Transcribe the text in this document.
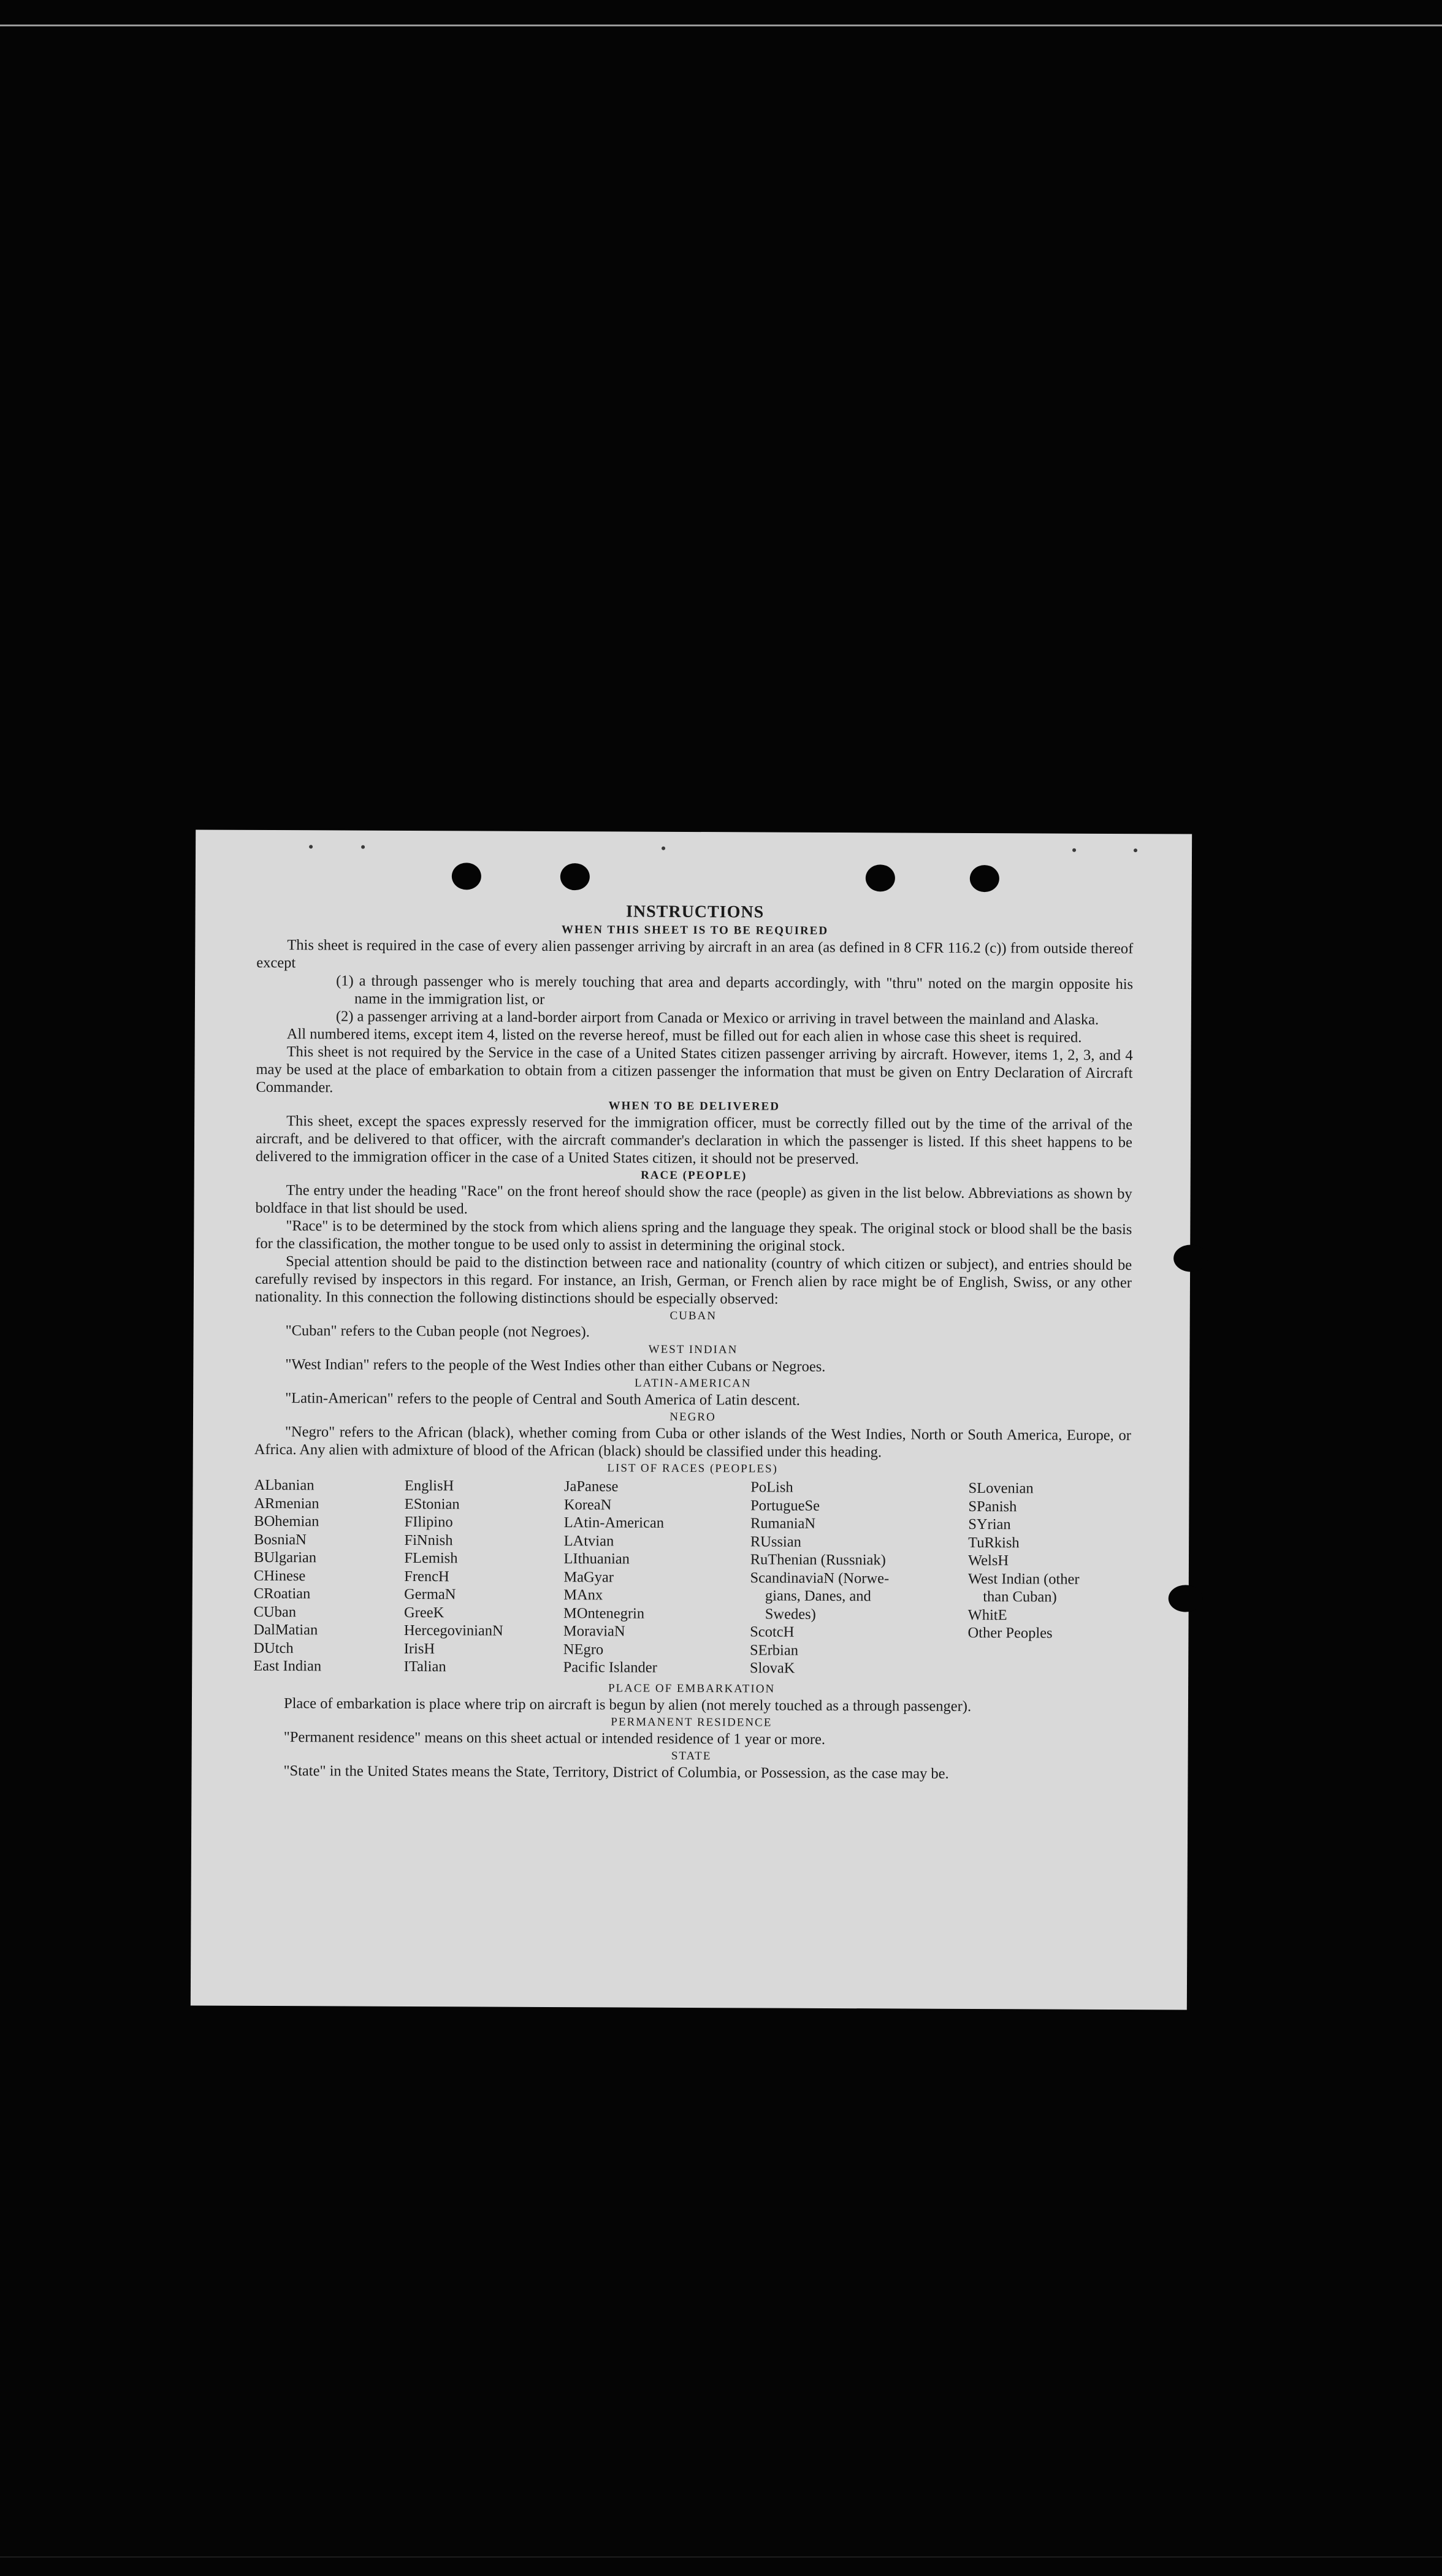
INSTRUCTIONS
WHEN THIS SHEET IS TO BE REQUIRED

This sheet is required in the case of every alien passenger arriving by aircraft in an area (as defined in 8 CFR 116.2 (c)) from outside thereof except

(1) a through passenger who is merely touching that area and departs accordingly, with "thru" noted on the margin opposite his name in the immigration list, or

(2) a passenger arriving at a land-border airport from Canada or Mexico or arriving in travel between the mainland and Alaska.

All numbered items, except item 4, listed on the reverse hereof, must be filled out for each alien in whose case this sheet is required.

This sheet is not required by the Service in the case of a United States citizen passenger arriving by aircraft. However, items 1, 2, 3, and 4 may be used at the place of embarkation to obtain from a citizen passenger the information that must be given on Entry Declaration of Aircraft Commander.

WHEN TO BE DELIVERED

This sheet, except the spaces expressly reserved for the immigration officer, must be correctly filled out by the time of the arrival of the aircraft, and be delivered to that officer, with the aircraft commander's declaration in which the passenger is listed. If this sheet happens to be delivered to the immigration officer in the case of a United States citizen, it should not be preserved.

RACE (PEOPLE)

The entry under the heading "Race" on the front hereof should show the race (people) as given in the list below. Abbreviations as shown by boldface in that list should be used.

"Race" is to be determined by the stock from which aliens spring and the language they speak. The original stock or blood shall be the basis for the classification, the mother tongue to be used only to assist in determining the original stock.

Special attention should be paid to the distinction between race and nationality (country of which citizen or subject), and entries should be carefully revised by inspectors in this regard. For instance, an Irish, German, or French alien by race might be of English, Swiss, or any other nationality. In this connection the following distinctions should be especially observed:

CUBAN

"Cuban" refers to the Cuban people (not Negroes).

WEST INDIAN

"West Indian" refers to the people of the West Indies other than either Cubans or Negroes.

LATIN-AMERICAN

"Latin-American" refers to the people of Central and South America of Latin descent.

NEGRO

"Negro" refers to the African (black), whether coming from Cuba or other islands of the West Indies, North or South America, Europe, or Africa. Any alien with admixture of blood of the African (black) should be classified under this heading.

LIST OF RACES (PEOPLES)
ALbanian
ARmenian
BOhemian
BosniaN
BUlgarian
CHinese
CRoatian
CUban
DalMatian
DUtch
East Indian
EnglisH
EStonian
FIlipino
FiNnish
FLemish
FrencH
GermaN
GreeK
HercegovinianN
IrisH
ITalian
JaPanese
KoreaN
LAtin-American
LAtvian
LIthuanian
MaGyar
MAnx
MOntenegrin
MoraviaN
NEgro
Pacific Islander
PoLish
PortugueSe
RumaniaN
RUssian
RuThenian (Russniak)
ScandinaviaN (Norwe-
gians, Danes, and
Swedes)
ScotcH
SErbian
SlovaK
SLovenian
SPanish
SYrian
TuRkish
WelsH
West Indian (other
than Cuban)
WhitE
Other Peoples
PLACE OF EMBARKATION

Place of embarkation is place where trip on aircraft is begun by alien (not merely touched as a through passenger).

PERMANENT RESIDENCE

"Permanent residence" means on this sheet actual or intended residence of 1 year or more.

STATE

"State" in the United States means the State, Territory, District of Columbia, or Possession, as the case may be.
